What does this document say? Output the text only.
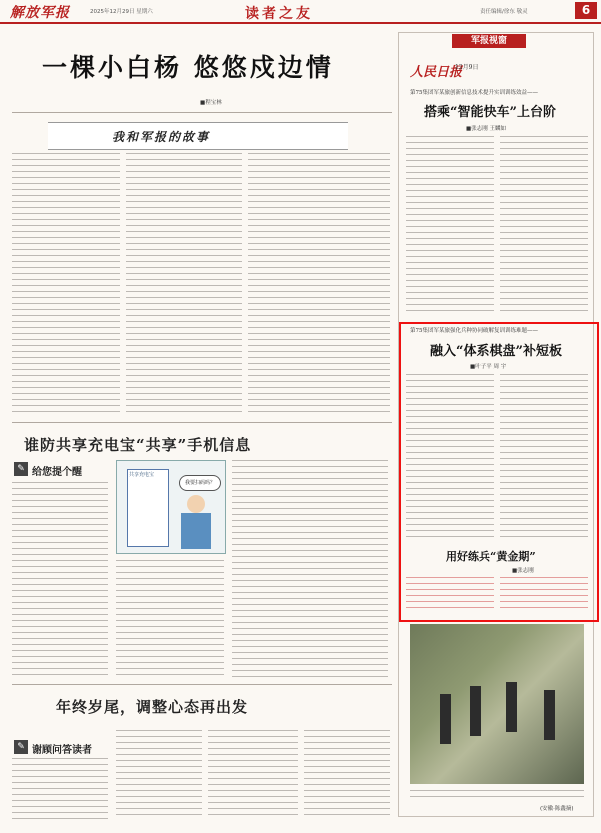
解放军报	2025年12月29日 星期六	读者之友	责任编辑/徐东 敬灵	6
一棵小白杨 悠悠戍边情
■程宝林
我和军报的故事
谁防共享充电宝“共享”手机信息
✎ 给您提个醒	共享充电宝
我要扫码吗？
年终岁尾，调整心态再出发
✎ 谢顾问答读者
军报视窗
人民日报
12月9日
第75集团军某旅创新信息技术提升实训训练效益——
搭乘“智能快车”上台阶
■张志刚 王麟如
第75集团军某旅强化兵种协同破解复训训练难题——
融入“体系棋盘”补短板
■叶子平 周 宇
用好练兵“黄金期”
■张志刚
(安徽·陈鑫摘)
